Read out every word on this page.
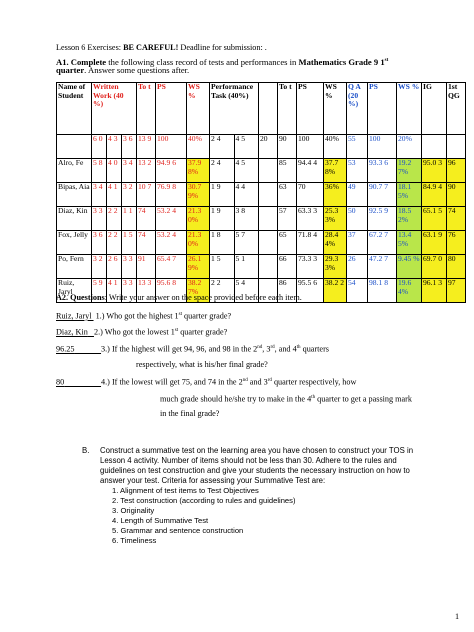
Lesson 6 Exercises: BE CAREFUL! Deadline for submission: .
A1. Complete the following class record of tests and performances in Mathematics Grade 9 1st
quarter. Answer some questions after.
Name of Student	Written Work (40 %)			To t	PS	WS %	Performance Task (40%)			To t	PS	WS %	Q A (20 %)	PS	WS %	IG	1st QG
	6 0	4 3	3 6	13 9	100	40%	2 4	4 5	20	90	100	40%	55	100	20%		
Alro, Fe	5 8	4 0	3 4	13 2	94.9 6	37.9 8%	2 4	4 5		85	94.4 4	37.7 8%	53	93.3 6	19.2 7%	95.0 3	96
Bipas, Aia	3 4	4 1	3 2	10 7	76.9 8	30.7 9%	1 9	4 4		63	70	36%	49	90.7 7	18.1 5%	84.9 4	90
Diaz, Kin	3 3	2 2	1 1	74	53.2 4	21.3 0%	1 9	3 8		57	63.3 3	25.3 3%	50	92.5 9	18.5 2%	65.1 5	74
Fox, Jelly	3 6	2 2	1 5	74	53.2 4	21.3 0%	1 8	5 7		65	71.8 4	28.4 4%	37	67.2 7	13.4 5%	63.1 9	76
Po, Fern	3 2	2 6	3 3	91	65.4 7	26.1 9%	1 5	5 1		66	73.3 3	29.3 3%	26	47.2 7	9.45 %	69.7 0	80
Ruiz, Jaryl	5 9	4 1	3 3	13 3	95.6 8	38.2 7%	2 2	5 4		86	95.5 6	38.2 2	54	98.1 8	19.6 4%	96.1 3	97
A2. Questions: Write your answer on the space provided before each item.
Ruiz, Jaryl 1.) Who got the highest 1st quarter grade?
Diaz, Kin 2.) Who got the lowest 1st quarter grade?
96.25	3.) If the highest will get 94, 96, and 98 in the 2nd, 3rd, and 4th quarters
respectively, what is his/her final grade?
80	4.) If the lowest will get 75, and 74 in the 2nd and 3rd quarter respectively, how
much grade should he/she try to make in the 4th quarter to get a passing mark
in the final grade?
B. Construct a summative test on the learning area you have chosen to construct your TOS in
Lesson 4 activity. Number of items should not be less than 30. Adhere to the rules and
guidelines on test construction and give your students the necessary instruction on how to
answer your test. Criteria for assessing your Summative Test are:
1. Alignment of test items to Test Objectives
2. Test construction (according to rules and guidelines)
3. Originality
4. Length of Summative Test
5. Grammar and sentence construction
6. Timeliness
1
